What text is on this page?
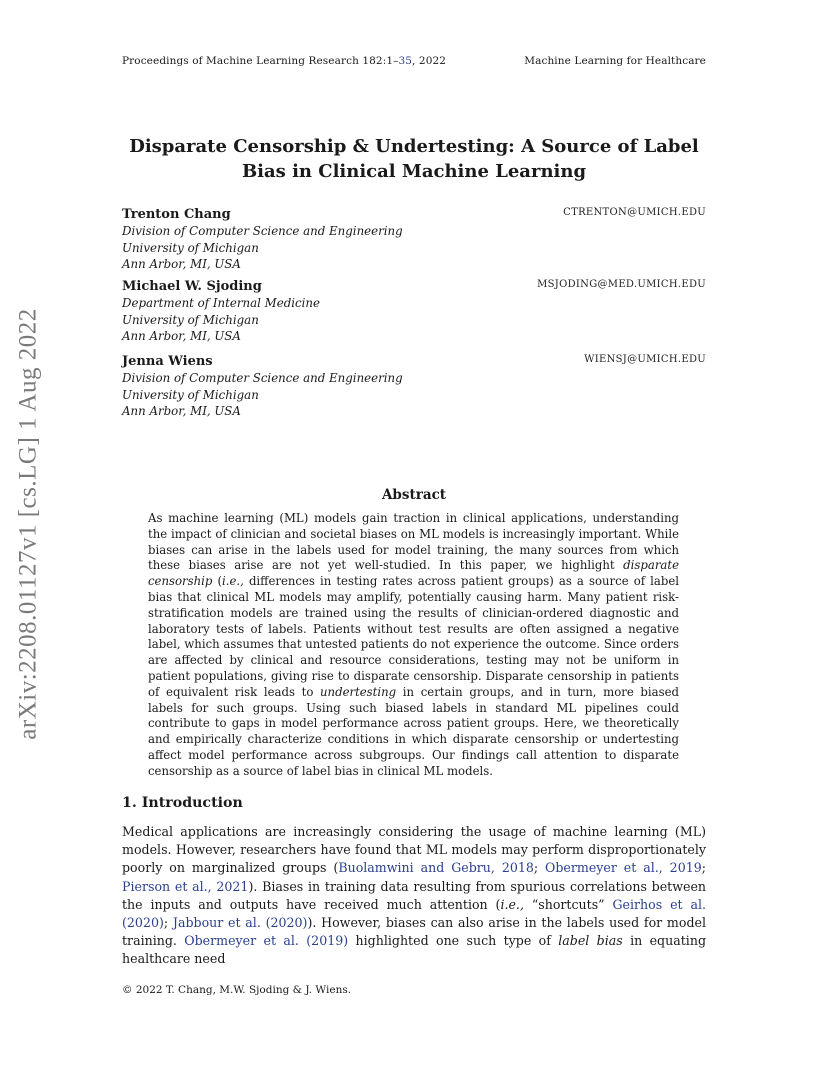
Proceedings of Machine Learning Research 182:1–35, 2022	Machine Learning for Healthcare
arXiv:2208.01127v1 [cs.LG] 1 Aug 2022
Disparate Censorship & Undertesting: A Source of Label Bias in Clinical Machine Learning
Trenton Chang	CTRENTON@UMICH.EDU
Division of Computer Science and Engineering
University of Michigan
Ann Arbor, MI, USA
Michael W. Sjoding	MSJODING@MED.UMICH.EDU
Department of Internal Medicine
University of Michigan
Ann Arbor, MI, USA
Jenna Wiens	WIENSJ@UMICH.EDU
Division of Computer Science and Engineering
University of Michigan
Ann Arbor, MI, USA
Abstract
As machine learning (ML) models gain traction in clinical applications, understanding the impact of clinician and societal biases on ML models is increasingly important. While biases can arise in the labels used for model training, the many sources from which these biases arise are not yet well-studied. In this paper, we highlight disparate censorship (i.e., differences in testing rates across patient groups) as a source of label bias that clinical ML models may amplify, potentially causing harm. Many patient risk-stratification models are trained using the results of clinician-ordered diagnostic and laboratory tests of labels. Patients without test results are often assigned a negative label, which assumes that untested patients do not experience the outcome. Since orders are affected by clinical and resource considerations, testing may not be uniform in patient populations, giving rise to disparate censorship. Disparate censorship in patients of equivalent risk leads to undertesting in certain groups, and in turn, more biased labels for such groups. Using such biased labels in standard ML pipelines could contribute to gaps in model performance across patient groups. Here, we theoretically and empirically characterize conditions in which disparate censorship or undertesting affect model performance across subgroups. Our findings call attention to disparate censorship as a source of label bias in clinical ML models.
1. Introduction
Medical applications are increasingly considering the usage of machine learning (ML) models. However, researchers have found that ML models may perform disproportionately poorly on marginalized groups (Buolamwini and Gebru, 2018; Obermeyer et al., 2019; Pierson et al., 2021). Biases in training data resulting from spurious correlations between the inputs and outputs have received much attention (i.e., “shortcuts” Geirhos et al. (2020); Jabbour et al. (2020)). However, biases can also arise in the labels used for model training. Obermeyer et al. (2019) highlighted one such type of label bias in equating healthcare need
© 2022 T. Chang, M.W. Sjoding & J. Wiens.
